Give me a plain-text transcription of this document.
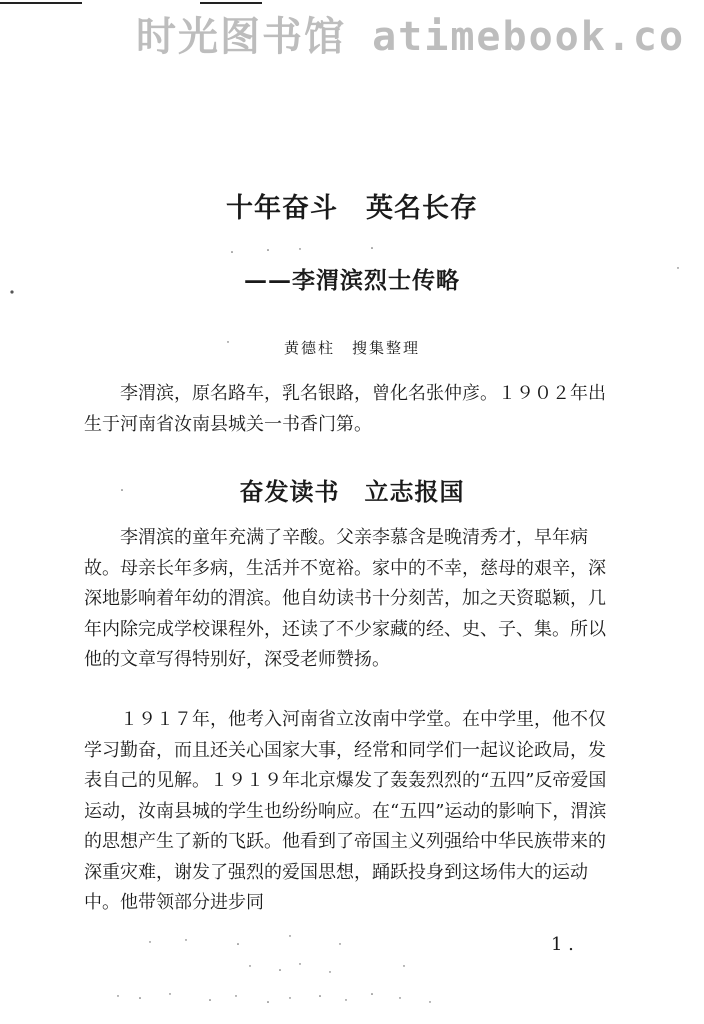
时光图书馆 atimebook.co
十年奋斗　英名长存
——李渭滨烈士传略
黄德柱　搜集整理

李渭滨，原名路车，乳名银路，曾化名张仲彦。１９０２年出生于河南省汝南县城关一书香门第。

奋发读书　立志报国

李渭滨的童年充满了辛酸。父亲李慕含是晚清秀才，早年病故。母亲长年多病，生活并不宽裕。家中的不幸，慈母的艰辛，深深地影响着年幼的渭滨。他自幼读书十分刻苦，加之天资聪颖，几年内除完成学校课程外，还读了不少家藏的经、史、子、集。所以他的文章写得特别好，深受老师赞扬。

１９１７年，他考入河南省立汝南中学堂。在中学里，他不仅学习勤奋，而且还关心国家大事，经常和同学们一起议论政局，发表自己的见解。１９１９年北京爆发了轰轰烈烈的“五四”反帝爱国运动，汝南县城的学生也纷纷响应。在“五四”运动的影响下，渭滨的思想产生了新的飞跃。他看到了帝国主义列强给中华民族带来的深重灾难，谢发了强烈的爱国思想，踊跃投身到这场伟大的运动中。他带领部分进步同

1 .
